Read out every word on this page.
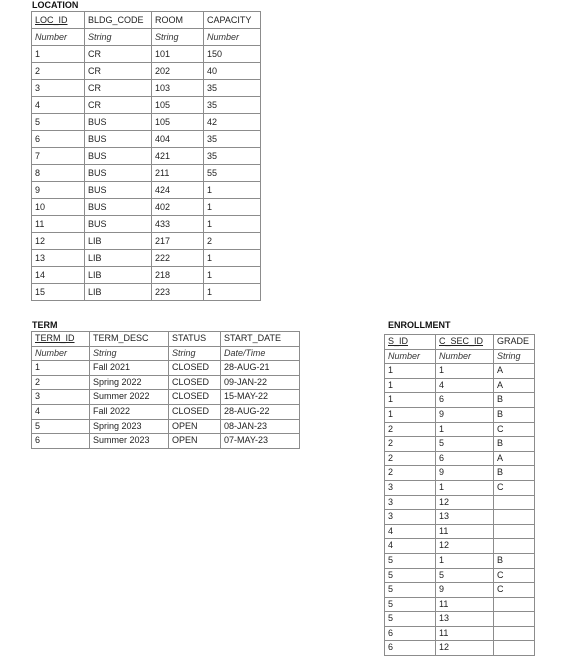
LOCATION
LOC_ID	BLDG_CODE	ROOM	CAPACITY
Number	String	String	Number
1	CR	101	150
2	CR	202	40
3	CR	103	35
4	CR	105	35
5	BUS	105	42
6	BUS	404	35
7	BUS	421	35
8	BUS	211	55
9	BUS	424	1
10	BUS	402	1
11	BUS	433	1
12	LIB	217	2
13	LIB	222	1
14	LIB	218	1
15	LIB	223	1
TERM
TERM_ID	TERM_DESC	STATUS	START_DATE
Number	String	String	Date/Time
1	Fall 2021	CLOSED	28-AUG-21
2	Spring 2022	CLOSED	09-JAN-22
3	Summer 2022	CLOSED	15-MAY-22
4	Fall 2022	CLOSED	28-AUG-22
5	Spring 2023	OPEN	08-JAN-23
6	Summer 2023	OPEN	07-MAY-23
ENROLLMENT
S_ID	C_SEC_ID	GRADE
Number	Number	String
1	1	A
1	4	A
1	6	B
1	9	B
2	1	C
2	5	B
2	6	A
2	9	B
3	1	C
3	12	
3	13	
4	11	
4	12	
5	1	B
5	5	C
5	9	C
5	11	
5	13	
6	11	
6	12	
